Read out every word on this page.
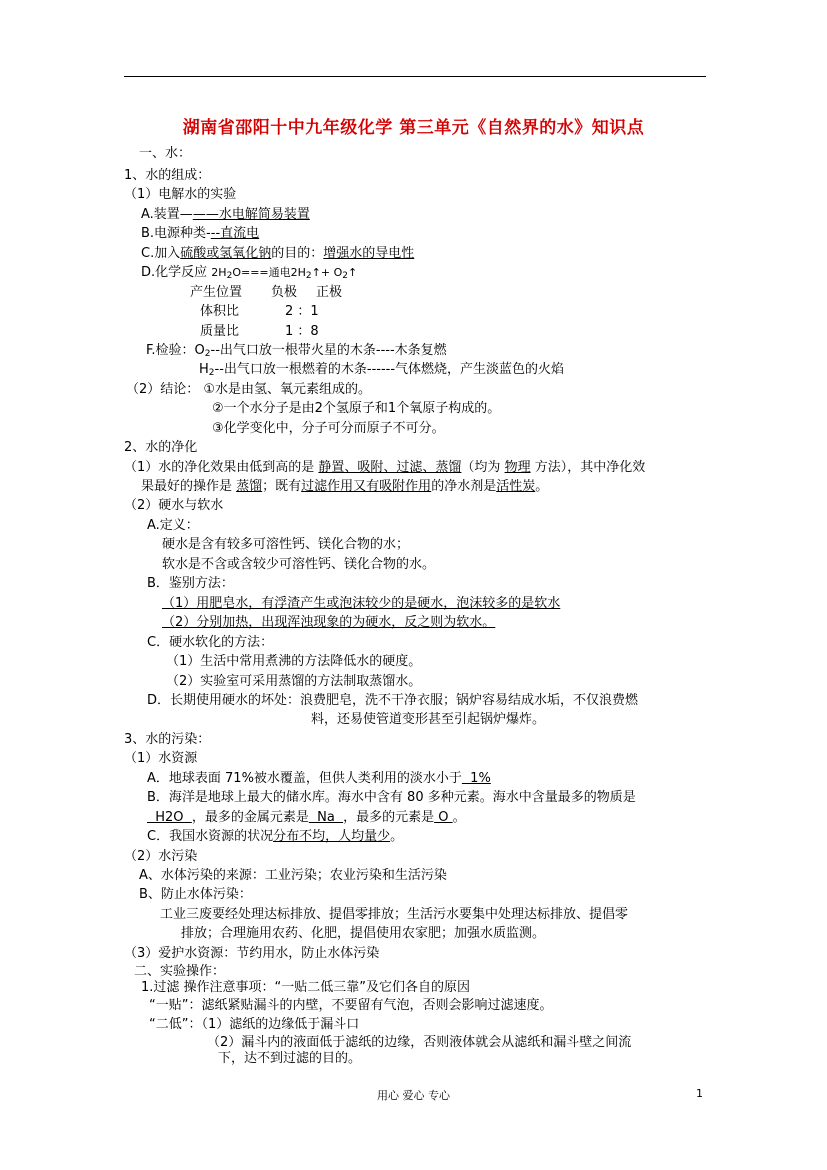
湖南省邵阳十中九年级化学 第三单元《自然界的水》知识点
一、水：
1、水的组成：
（1）电解水的实验
A.装置———水电解简易装置
B.电源种类---直流电
C.加入硫酸或氢氧化钠的目的：增强水的导电性
D.化学反应 $2H_2O===$通电$2H_2↑+$ $O_2↑$
产生位置 负极 正极
体积比	2 ：1
质量比	1 ：8
F.检验：$O_2--$出气口放一根带火星的木条----木条复燃
$H_2--$出气口放一根燃着的木条------气体燃烧，产生淡蓝色的火焰
（2）结论： ①水是由氢、氧元素组成的。
②一个水分子是由2个氢原子和1个氧原子构成的。
③化学变化中，分子可分而原子不可分。
2、水的净化
（1）水的净化效果由低到高的是 静置、吸附、过滤、蒸馏（均为 物理 方法），其中净化效
果最好的操作是 蒸馏；既有过滤作用又有吸附作用的净水剂是活性炭。
（2）硬水与软水
A.定义：
硬水是含有较多可溶性钙、镁化合物的水；
软水是不含或含较少可溶性钙、镁化合物的水。
B．鉴别方法：
（1）用肥皂水，有浮渣产生或泡沫较少的是硬水，泡沫较多的是软水
（2）分别加热，出现浑浊现象的为硬水，反之则为软水。
C．硬水软化的方法：
（1）生活中常用煮沸的方法降低水的硬度。
（2）实验室可采用蒸馏的方法制取蒸馏水。
D．长期使用硬水的坏处：浪费肥皂，洗不干净衣服；锅炉容易结成水垢，不仅浪费燃
料，还易使管道变形甚至引起锅炉爆炸。
3、水的污染：
（1）水资源
A．地球表面 71%被水覆盖，但供人类利用的淡水小于  1%
B．海洋是地球上最大的储水库。海水中含有 80 多种元素。海水中含量最多的物质是
H2O  ，最多的金属元素是  Na  ，最多的元素是 O 。
C．我国水资源的状况分布不均，人均量少。
（2）水污染
A、水体污染的来源：工业污染；农业污染和生活污染
B、防止水体污染：
工业三废要经处理达标排放、提倡零排放；生活污水要集中处理达标排放、提倡零
排放；合理施用农药、化肥，提倡使用农家肥；加强水质监测。
（3）爱护水资源：节约用水，防止水体污染
二、实验操作：
1.过滤 操作注意事项：“一贴二低三靠”及它们各自的原因
“一贴”：滤纸紧贴漏斗的内壁，不要留有气泡，否则会影响过滤速度。
“二低”：（1）滤纸的边缘低于漏斗口
（2）漏斗内的液面低于滤纸的边缘，否则液体就会从滤纸和漏斗壁之间流
下，达不到过滤的目的。
用心 爱心 专心	1
